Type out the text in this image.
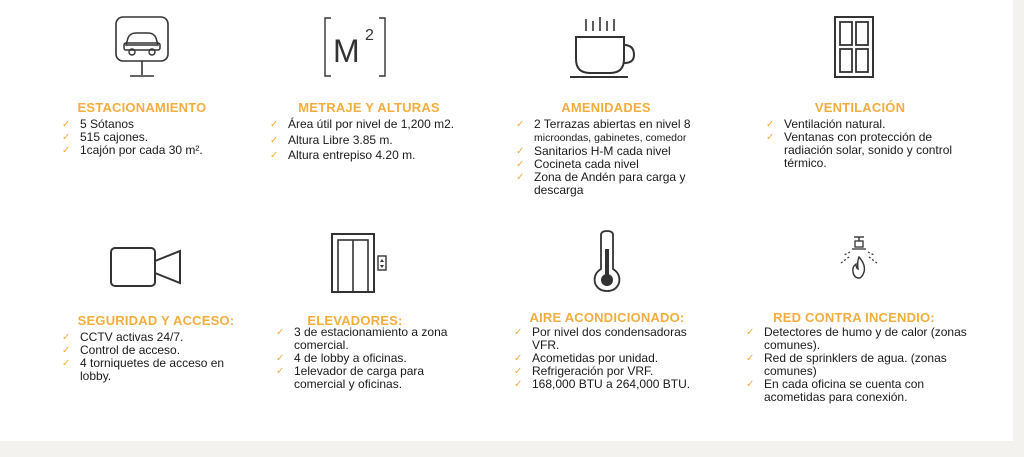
ESTACIONAMIENTO
✓ 5 Sótanos
✓ 515 cajones.
✓ 1cajón por cada 30 m².
M 2
METRAJE Y ALTURAS
✓ Área útil por nivel de 1,200 m2.
✓ Altura Libre 3.85 m.
✓ Altura entrepiso 4.20 m.
AMENIDADES
✓ 2 Terrazas abiertas en nivel 8
microondas, gabinetes, comedor
✓ Sanitarios H-M cada nivel
✓ Cocineta cada nivel
✓ Zona de Andén para carga y descarga
VENTILACIÓN
✓ Ventilación natural.
✓ Ventanas con protección de radiación solar, sonido y control térmico.
SEGURIDAD Y ACCESO:
✓ CCTV activas 24/7.
✓ Control de acceso.
✓ 4 torniquetes de acceso en lobby.
ELEVADORES:
✓ 3 de estacionamiento a zona comercial.
✓ 4 de lobby a oficinas.
✓ 1elevador de carga para comercial y oficinas.
AIRE ACONDICIONADO:
✓ Por nivel dos condensadoras VFR.
✓ Acometidas por unidad.
✓ Refrigeración por VRF.
✓ 168,000 BTU a 264,000 BTU.
RED CONTRA INCENDIO:
✓ Detectores de humo y de calor (zonas comunes).
✓ Red de sprinklers de agua. (zonas comunes)
✓ En cada oficina se cuenta con acometidas para conexión.
